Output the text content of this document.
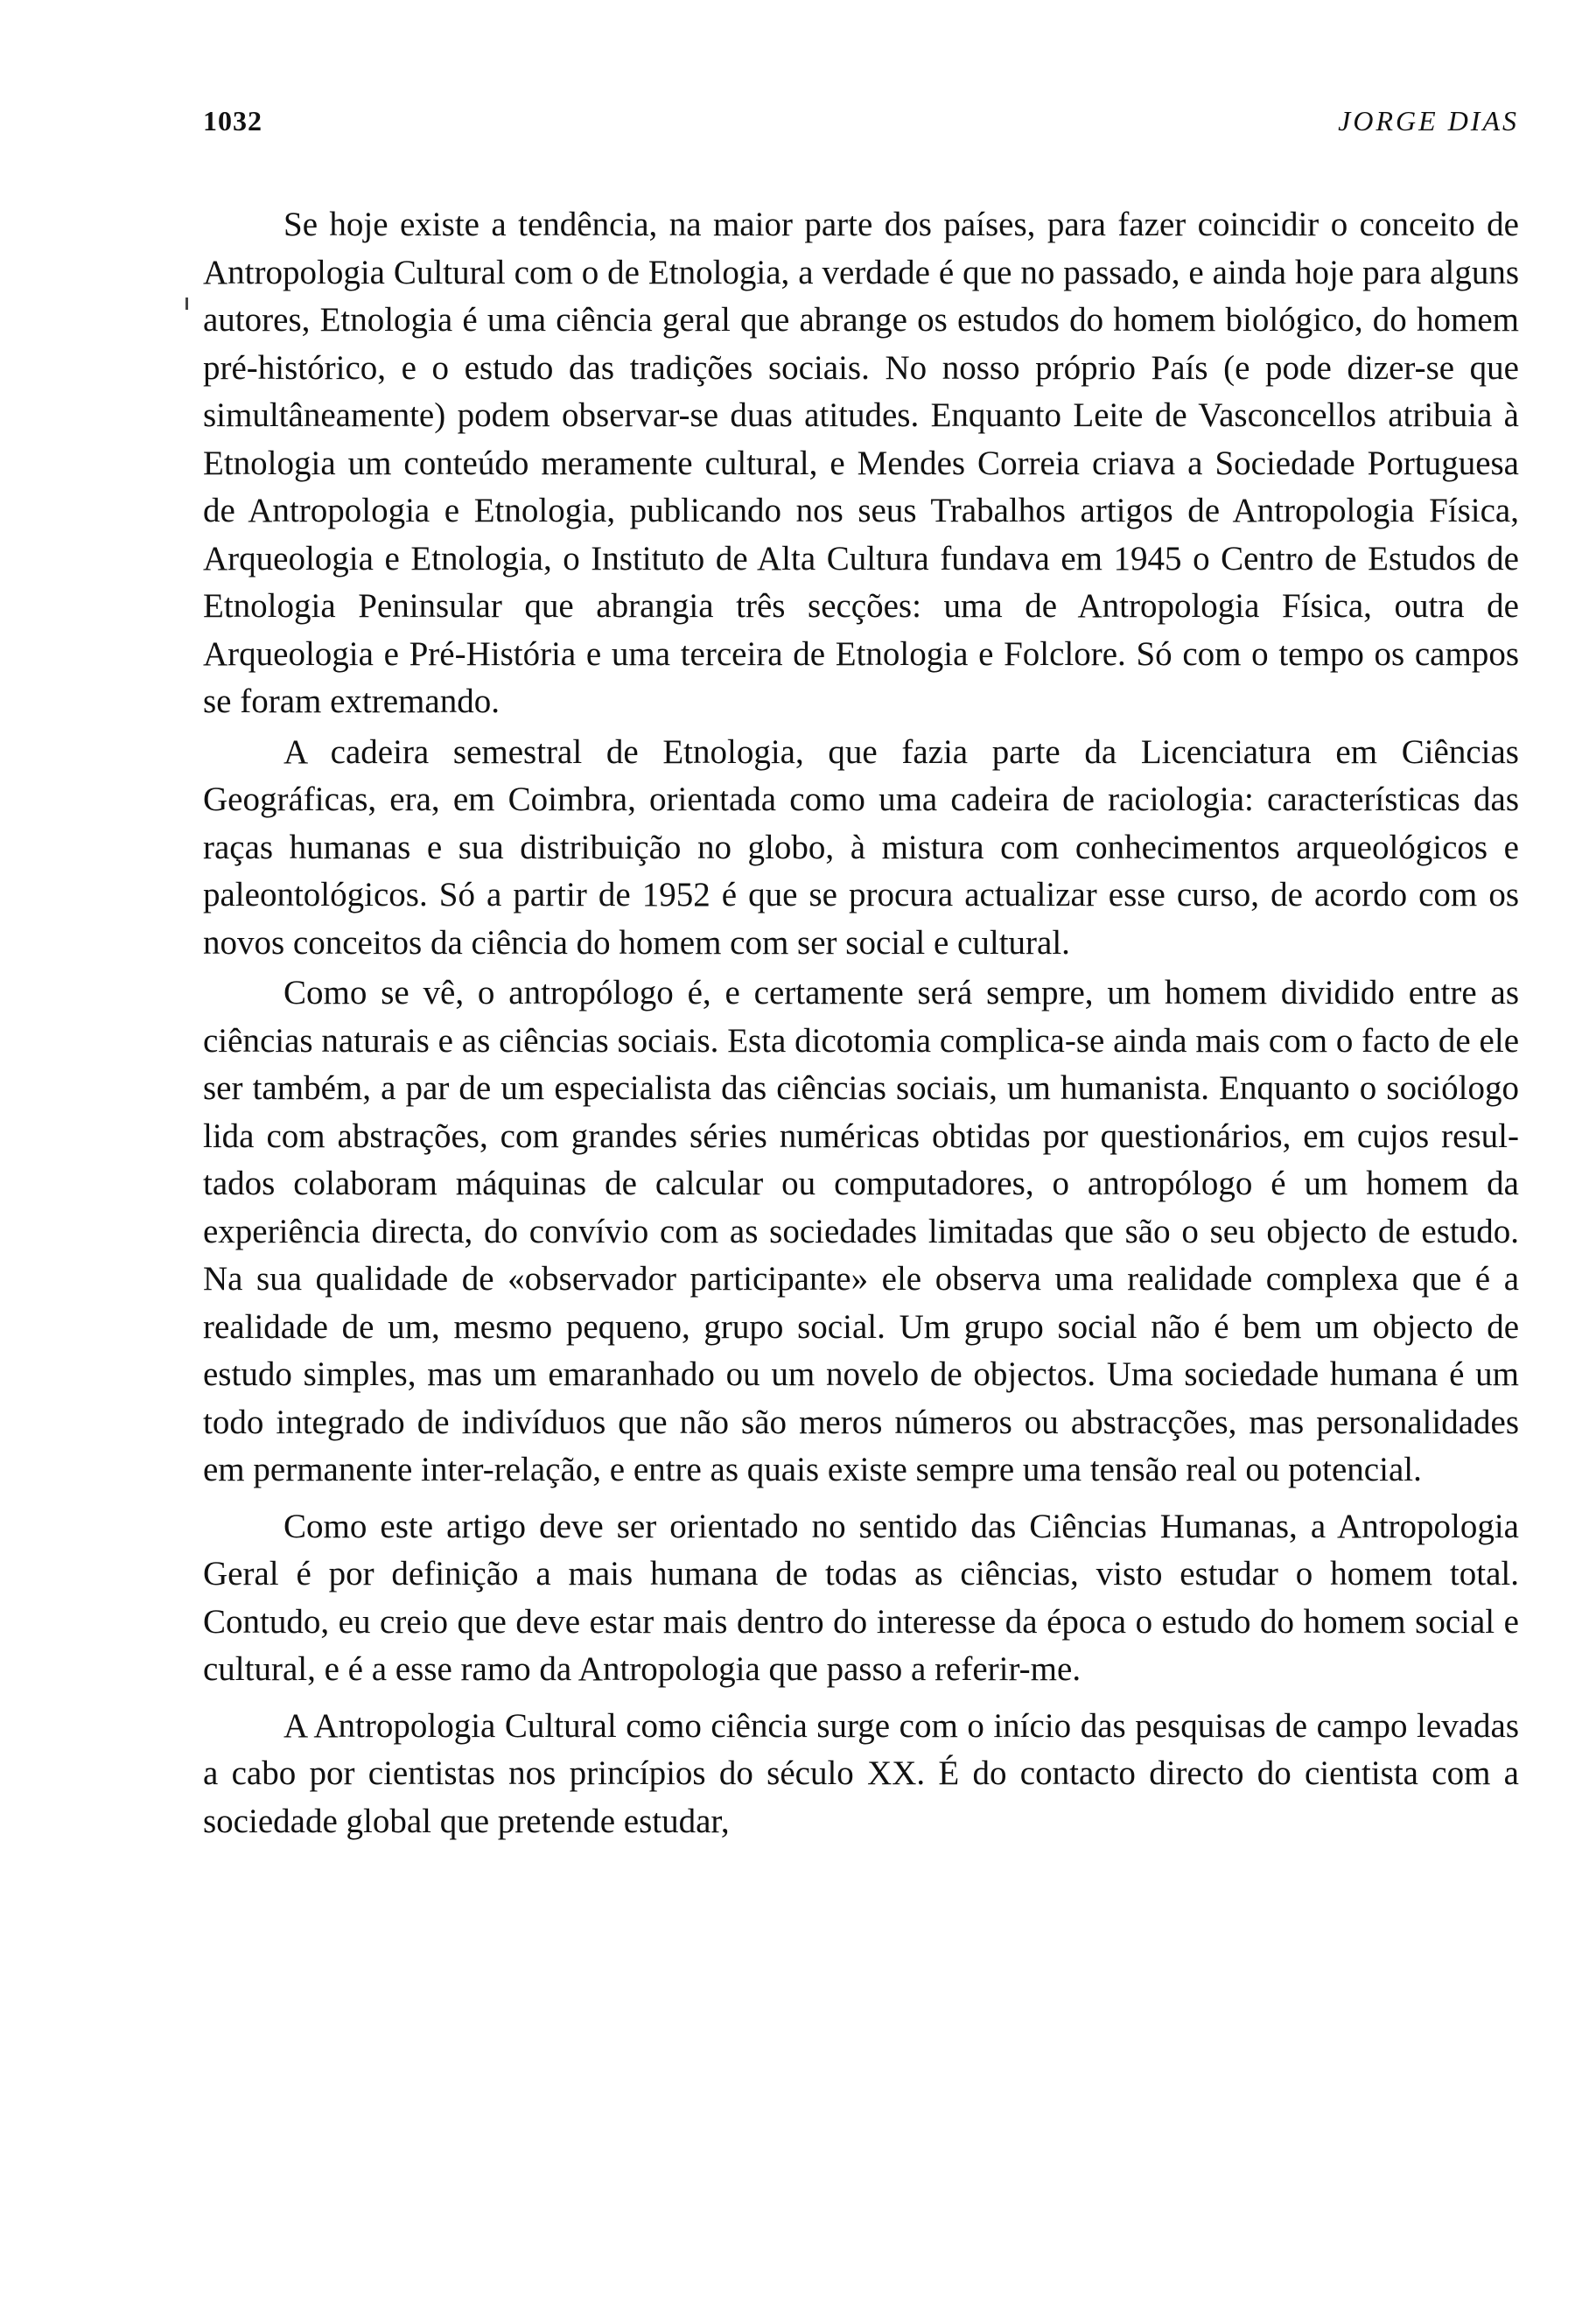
1032	JORGE DIAS

Se hoje existe a tendência, na maior parte dos países, para fazer coincidir o conceito de Antropologia Cultural com o de Etnologia, a verdade é que no passado, e ainda hoje para alguns autores, Etnologia é uma ciência geral que abrange os estudos do homem biológico, do homem pré-histórico, e o estudo das tradições sociais. No nosso próprio País (e pode dizer-se que simultâneamente) podem observar-se duas atitudes. Enquanto Leite de Vasconcellos atribuia à Etnologia um conteúdo meramente cultural, e Mendes Correia criava a Sociedade Portuguesa de Antropologia e Etnologia, publicando nos seus Trabalhos artigos de Antropologia Física, Arqueologia e Etnologia, o Instituto de Alta Cultura fundava em 1945 o Centro de Estudos de Etnologia Peninsular que abrangia três secções: uma de Antropologia Física, outra de Arqueologia e Pré-História e uma terceira de Etnologia e Folclore. Só com o tempo os campos se foram extremando.

A cadeira semestral de Etnologia, que fazia parte da Licenciatura em Ciências Geográficas, era, em Coimbra, orientada como uma cadeira de raciologia: características das raças humanas e sua distribuição no globo, à mistura com conhecimentos arqueológicos e paleontológicos. Só a partir de 1952 é que se procura actualizar esse curso, de acordo com os novos conceitos da ciência do homem com ser social e cultural.

Como se vê, o antropólogo é, e certamente será sempre, um homem dividido entre as ciências naturais e as ciências sociais. Esta dicotomia complica-se ainda mais com o facto de ele ser também, a par de um especialista das ciências sociais, um humanista. Enquanto o sociólogo lida com abstrações, com grandes séries numéricas obtidas por questionários, em cujos resultados colaboram máquinas de calcular ou computadores, o antropólogo é um homem da experiência directa, do convívio com as sociedades limitadas que são o seu objecto de estudo. Na sua qualidade de «observador participante» ele observa uma realidade complexa que é a realidade de um, mesmo pequeno, grupo social. Um grupo social não é bem um objecto de estudo simples, mas um emaranhado ou um novelo de objectos. Uma sociedade humana é um todo integrado de indivíduos que não são meros números ou abstracções, mas personalidades em permanente inter-relação, e entre as quais existe sempre uma tensão real ou potencial.

Como este artigo deve ser orientado no sentido das Ciências Humanas, a Antropologia Geral é por definição a mais humana de todas as ciências, visto estudar o homem total. Contudo, eu creio que deve estar mais dentro do interesse da época o estudo do homem social e cultural, e é a esse ramo da Antropologia que passo a referir-me.

A Antropologia Cultural como ciência surge com o início das pesquisas de campo levadas a cabo por cientistas nos princípios do século XX. É do contacto directo do cientista com a sociedade global que pretende estudar,
